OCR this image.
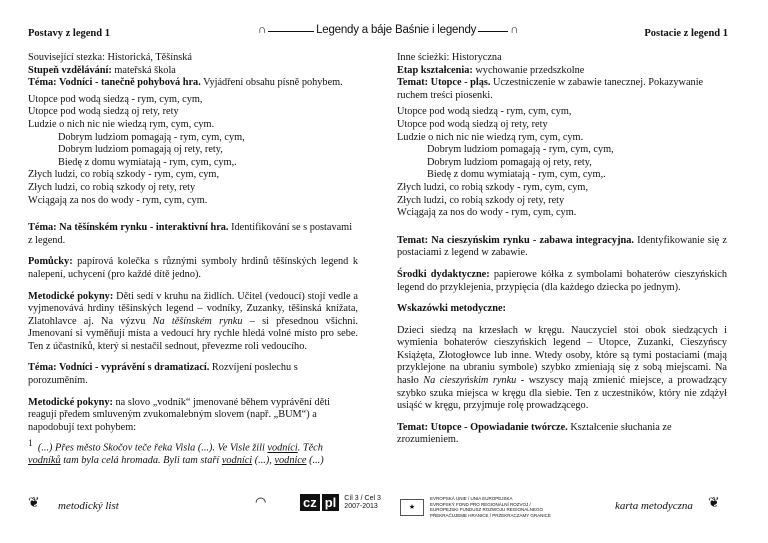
Postavy z legend 1	∩	Legendy a báje Baśnie i legendy	∩	Postacie z legend 1

Související stezka: Historická, Těšínská

Stupeň vzdělávání: mateřská škola

Téma: Vodníci - tanečně pohybová hra. Vyjádření obsahu písně pohybem.

Utopce pod wodą siedzą - rym, cym, cym,

Utopce pod wodą siedzą oj rety, rety

Ludzie o nich nic nie wiedzą rym, cym, cym.

Dobrym ludziom pomagają - rym, cym, cym,

Dobrym ludziom pomagają oj rety, rety,

Biedę z domu wymiatają - rym, cym, cym,.

Złych ludzi, co robią szkody - rym, cym, cym,

Złych ludzi, co robią szkody oj rety, rety

Wciągają za nos do wody - rym, cym, cym.

Téma: Na těšínském rynku - interaktivní hra. Identifikování se s postavami z legend.

Pomůcky: papírová kolečka s různými symboly hrdinů těšínských legend k nalepení, uchycení (pro každé dítě jedno).

Metodické pokyny: Děti sedí v kruhu na židlích. Učitel (vedoucí) stojí vedle a vyjmenovává hrdiny těšínských legend – vodníky, Zuzanky, těšínská knížata, Zlatohlavce aj. Na výzvu Na těšínském rynku – si přesednou všichni. Jmenovaní si vyměňují místa a vedoucí hry rychle hledá volné místo pro sebe. Ten z účastníků, který si nestačil sednout, převezme roli vedoucího.

Téma: Vodníci - vyprávění s dramatizací. Rozvíjení poslechu s porozuměním.

Metodické pokyny: na slovo „vodník“ jmenované během vyprávění děti reagují předem smluveným zvukomalebným slovem (např. „BUM“) a napodobují text pohybem:

$^1$ (...) Přes město Skočov teče řeka Visla (...). Ve Visle žili vodníci. Těch vodníků tam byla celá hromada. Byli tam staří vodníci (...), vodnice (...)

Inne ścieżki: Historyczna

Etap kształcenia: wychowanie przedszkolne

Temat: Utopce - pląs. Uczestniczenie w zabawie tanecznej. Pokazywanie ruchem treści piosenki.

Utopce pod wodą siedzą - rym, cym, cym,

Utopce pod wodą siedzą oj rety, rety

Ludzie o nich nic nie wiedzą rym, cym, cym.

Dobrym ludziom pomagają - rym, cym, cym,

Dobrym ludziom pomagają oj rety, rety,

Biedę z domu wymiatają - rym, cym, cym,.

Złych ludzi, co robią szkody - rym, cym, cym,

Złych ludzi, co robią szkody oj rety, rety

Wciągają za nos do wody - rym, cym, cym.

Temat: Na cieszyńskim rynku - zabawa integracyjna. Identyfikowanie się z postaciami z legend w zabawie.

Środki dydaktyczne: papierowe kółka z symbolami bohaterów cieszyńskich legend do przyklejenia, przypięcia (dla każdego dziecka po jednym).

Wskazówki metodyczne:

Dzieci siedzą na krzesłach w kręgu. Nauczyciel stoi obok siedzących i wymienia bohaterów cieszyńskich legend – Utopce, Zuzanki, Cieszyńscy Książęta, Złotogłowce lub inne. Wtedy osoby, które są tymi postaciami (mają przyklejone na ubraniu symbole) szybko zmieniają się z sobą miejscami. Na hasło Na cieszyńskim rynku - wszyscy mają zmienić miejsce, a prowadzący szybko szuka miejsca w kręgu dla siebie. Ten z uczestników, który nie zdążył usiąść w kręgu, przyjmuje rolę prowadzącego.

Temat: Utopce - Opowiadanie twórcze. Kształcenie słuchania ze zrozumieniem.

❦ metodický list	◠	cz pl	Cíl 3 / Cel 3
2007-2013	★
EVROPSKÁ UNIE / UNIA EUROPEJSKA
EVROPSKÝ FOND PRO REGIONÁLNÍ ROZVOJ / EUROPEJSKI FUNDUSZ ROZWOJU REGIONALNEGO
PŘEKRAČUJEME HRANICE / PRZEKRACZAMY GRANICE
karta metodyczna ❦
